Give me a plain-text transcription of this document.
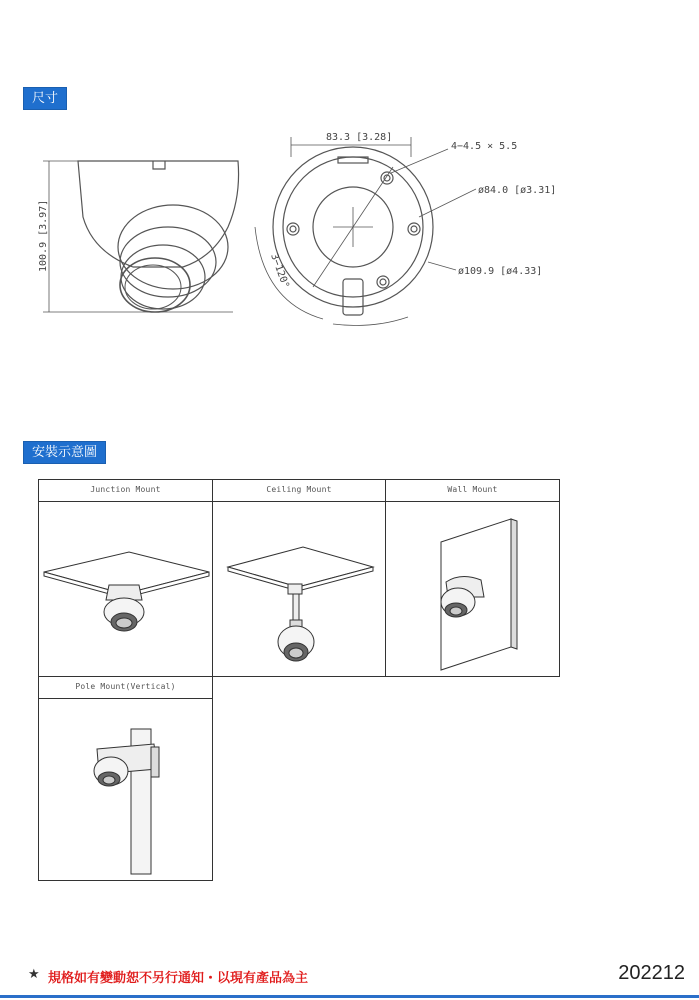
尺寸
100.9 [3.97]
83.3 [3.28]
4−4.5 × 5.5
ø84.0 [ø3.31]
ø109.9 [ø4.33]
3−120°
安裝示意圖
Junction Mount	Ceiling Mount	Wall Mount
Pole Mount(Vertical)
★ 規格如有變動恕不另行通知・以現有產品為主	202212
